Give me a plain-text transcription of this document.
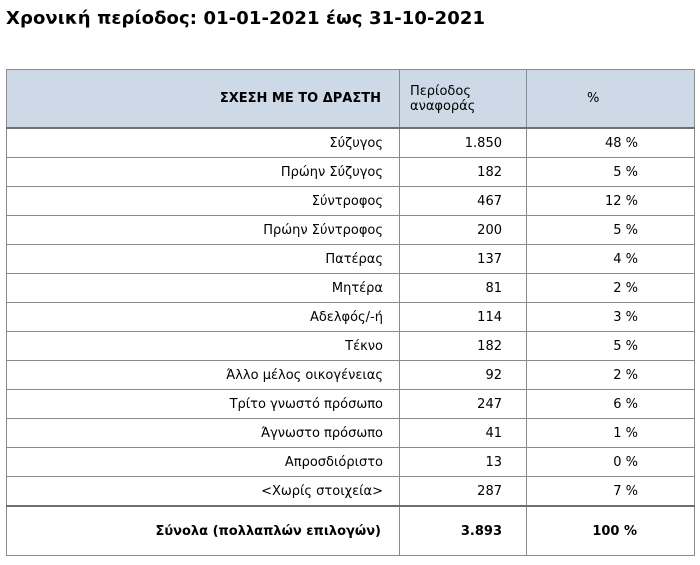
Χρονική περίοδος: 01-01-2021 έως 31-10-2021
ΣΧΕΣΗ ΜΕ ΤΟ ΔΡΑΣΤΗ	Περίοδος αναφοράς	%
Σύζυγος	1.850	48 %
Πρώην Σύζυγος	182	5 %
Σύντροφος	467	12 %
Πρώην Σύντροφος	200	5 %
Πατέρας	137	4 %
Μητέρα	81	2 %
Αδελφός/-ή	114	3 %
Τέκνο	182	5 %
Άλλο μέλος οικογένειας	92	2 %
Τρίτο γνωστό πρόσωπο	247	6 %
Άγνωστο πρόσωπο	41	1 %
Απροσδιόριστο	13	0 %
<Χωρίς στοιχεία>	287	7 %
Σύνολα (πολλαπλών επιλογών)	3.893	100 %
